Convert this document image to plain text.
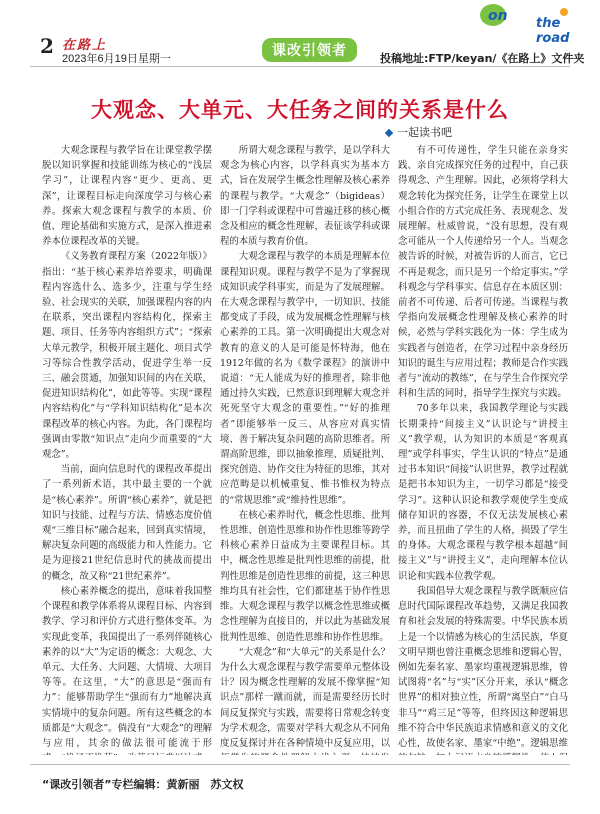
2 在路上
2023年6月19日星期一	课改引领者
on the road
投稿地址:FTP/keyan/《在路上》文件夹
大观念、大单元、大任务之间的关系是什么
一起读书吧

大观念课程与教学旨在让课堂教学摆脱以知识掌握和技能训练为核心的“浅层学习”，让课程内容“更少、更高、更深”，让课程目标走向深度学习与核心素养。探索大观念课程与教学的本质、价值、理论基础和实施方式，是深入推进素养本位课程改革的关键。

《义务教育课程方案（2022年版）》指出：“基于核心素养培养要求，明确课程内容选什么、选多少，注重与学生经验、社会现实的关联，加强课程内容的内在联系，突出课程内容结构化，探索主题、项目、任务等内容组织方式”；“探索大单元教学，积极开展主题化、项目式学习等综合性教学活动，促进学生举一反三、融会贯通，加强知识间的内在关联，促进知识结构化”，如此等等。实现“课程内容结构化”与“学科知识结构化”是本次课程改革的核心内容。为此，各门课程均强调由零散“知识点”走向少而重要的“大观念”。

当前，面向信息时代的课程改革提出了一系列新术语，其中最主要的一个就是“核心素养”。所谓“核心素养”，就是把知识与技能、过程与方法、情感态度价值观“三维目标”融合起来，回到真实情境，解决复杂问题的高级能力和人性能力。它是为迎接21世纪信息时代的挑战而提出的概念，故又称“21世纪素养”。

核心素养概念的提出，意味着我国整个课程和教学体系将从课程目标、内容到教学、学习和评价方式进行整体变革。为实现此变革，我国提出了一系列伴随核心素养的以“大”为定语的概念：大观念、大单元、大任务、大问题、大情境、大项目等等。在这里，“大”的意思是“强而有力”：能够帮助学生“强而有力”地解决真实情境中的复杂问题。所有这些概念的本质都是“大观念”。倘没有“大观念”的理解与应用，其余的做法很可能流于形

所谓大观念课程与教学，是以学科大观念为核心内容，以学科真实为基本方式，旨在发展学生概念性理解及核心素养的课程与教学。“大观念”（bigideas）即一门学科或课程中可普遍迁移的核心概念及相应的概念性理解，表征该学科或课程的本质与教育价值。

大观念课程与教学的本质是理解本位课程知识观。课程与教学不是为了掌握现成知识或学科事实，而是为了发展理解。在大观念课程与教学中，一切知识、技能都变成了手段，成为发展概念性理解与核心素养的工具。第一次明确提出大观念对教育的意义的人是可能是怀特海，他在1912年做的名为《数学课程》的演讲中说道：“无人能成为好的推理者，除非他通过持久实践，已然意识到理解大观念并死死坚守大观念的重要性。”“好的推理者”即能够举一反三、从容应对真实情境、善于解决复杂问题的高阶思维者。所谓高阶思维，即以抽象推理、质疑批判、探究创造、协作交往为特征的思维，其对应范畴是以机械重复、惟书惟权为特点的“常规思维”或“维持性思维”。

在核心素养时代，概念性思维、批判性思维、创造性思维和协作性思维等跨学科核心素养日益成为主要课程目标。其中，概念性思维是批判性思维的前提，批判性思维是创造性思维的前提，这三种思维均具有社会性，它们都建基于协作性思维。大观念课程与教学以概念性思维或概念性理解为直接目的，并以此为基础发展批判性思维、创造性思维和协作性思维。

“大观念”和“大单元”的关系是什么？为什么大观念课程与教学需要单元整体设计？因为概念性理解的发展不像掌握“知识点”那样一蹴而就，而是需要经历长时间反复探究与实践，需要将日常观念转变为学术观念，需要对学科大观念从不同角度反复探讨并在各种情境中反复应用，以

有不可传递性，学生只能在亲身实践、亲自完成探究任务的过程中，自己获得观念、产生理解。因此，必须将学科大观念转化为探究任务，让学生在课堂上以小组合作的方式完成任务、表现观念、发展理解。杜威曾说，“没有思想，没有观念可能从一个人传递给另一个人。当观念被告诉的时候，对被告诉的人而言，它已不再是观念，而只是另一个给定事实。”学科观念与学科事实、信息存在本质区别：前者不可传递、后者可传递。当课程与教学指向发展概念性理解及核心素养的时候，必然与学科实践化为一体：学生成为实践者与创造者，在学习过程中亲身经历知识的诞生与应用过程；教师是合作实践者与“流动的教练”，在与学生合作探究学科和生活的同时，指导学生探究与实践。

70多年以来，我国教学理论与实践长期秉持“间接主义”认识论与“讲授主义”教学观，认为知识的本质是“客观真理”或学科事实，学生认识的“特点”是通过书本知识“间接”认识世界，教学过程就是把书本知识为主，一切学习都是“接受学习”。这种认识论和教学观使学生变成储存知识的容器，不仅无法发展核心素养，而且扭曲了学生的人格，损毁了学生的身体。大观念课程与教学根本超越“间接主义”与“讲授主义”，走向理解本位认识论和实践本位教学观。

我国倡导大观念课程与教学既顺应信息时代国际课程改革趋势，又满足我国教育和社会发展的特殊需要。中华民族本质上是一个以情感为核心的生活民族，华夏文明早期也曾注重概念思维和逻辑心智，例如先秦名家、墨家均重视逻辑思维，曾试图将“名”与“实”区分开来，承认“概念世界”的相对独立性，所谓“离坚白”“白马非马”“鸡三足”等等，但终因这种逻辑思维不符合中华民族追求情感和意义的文化心性，故使名家、墨家“中绝”。逻辑思维

“课改引领者”专栏编辑：黄新丽　苏文权
